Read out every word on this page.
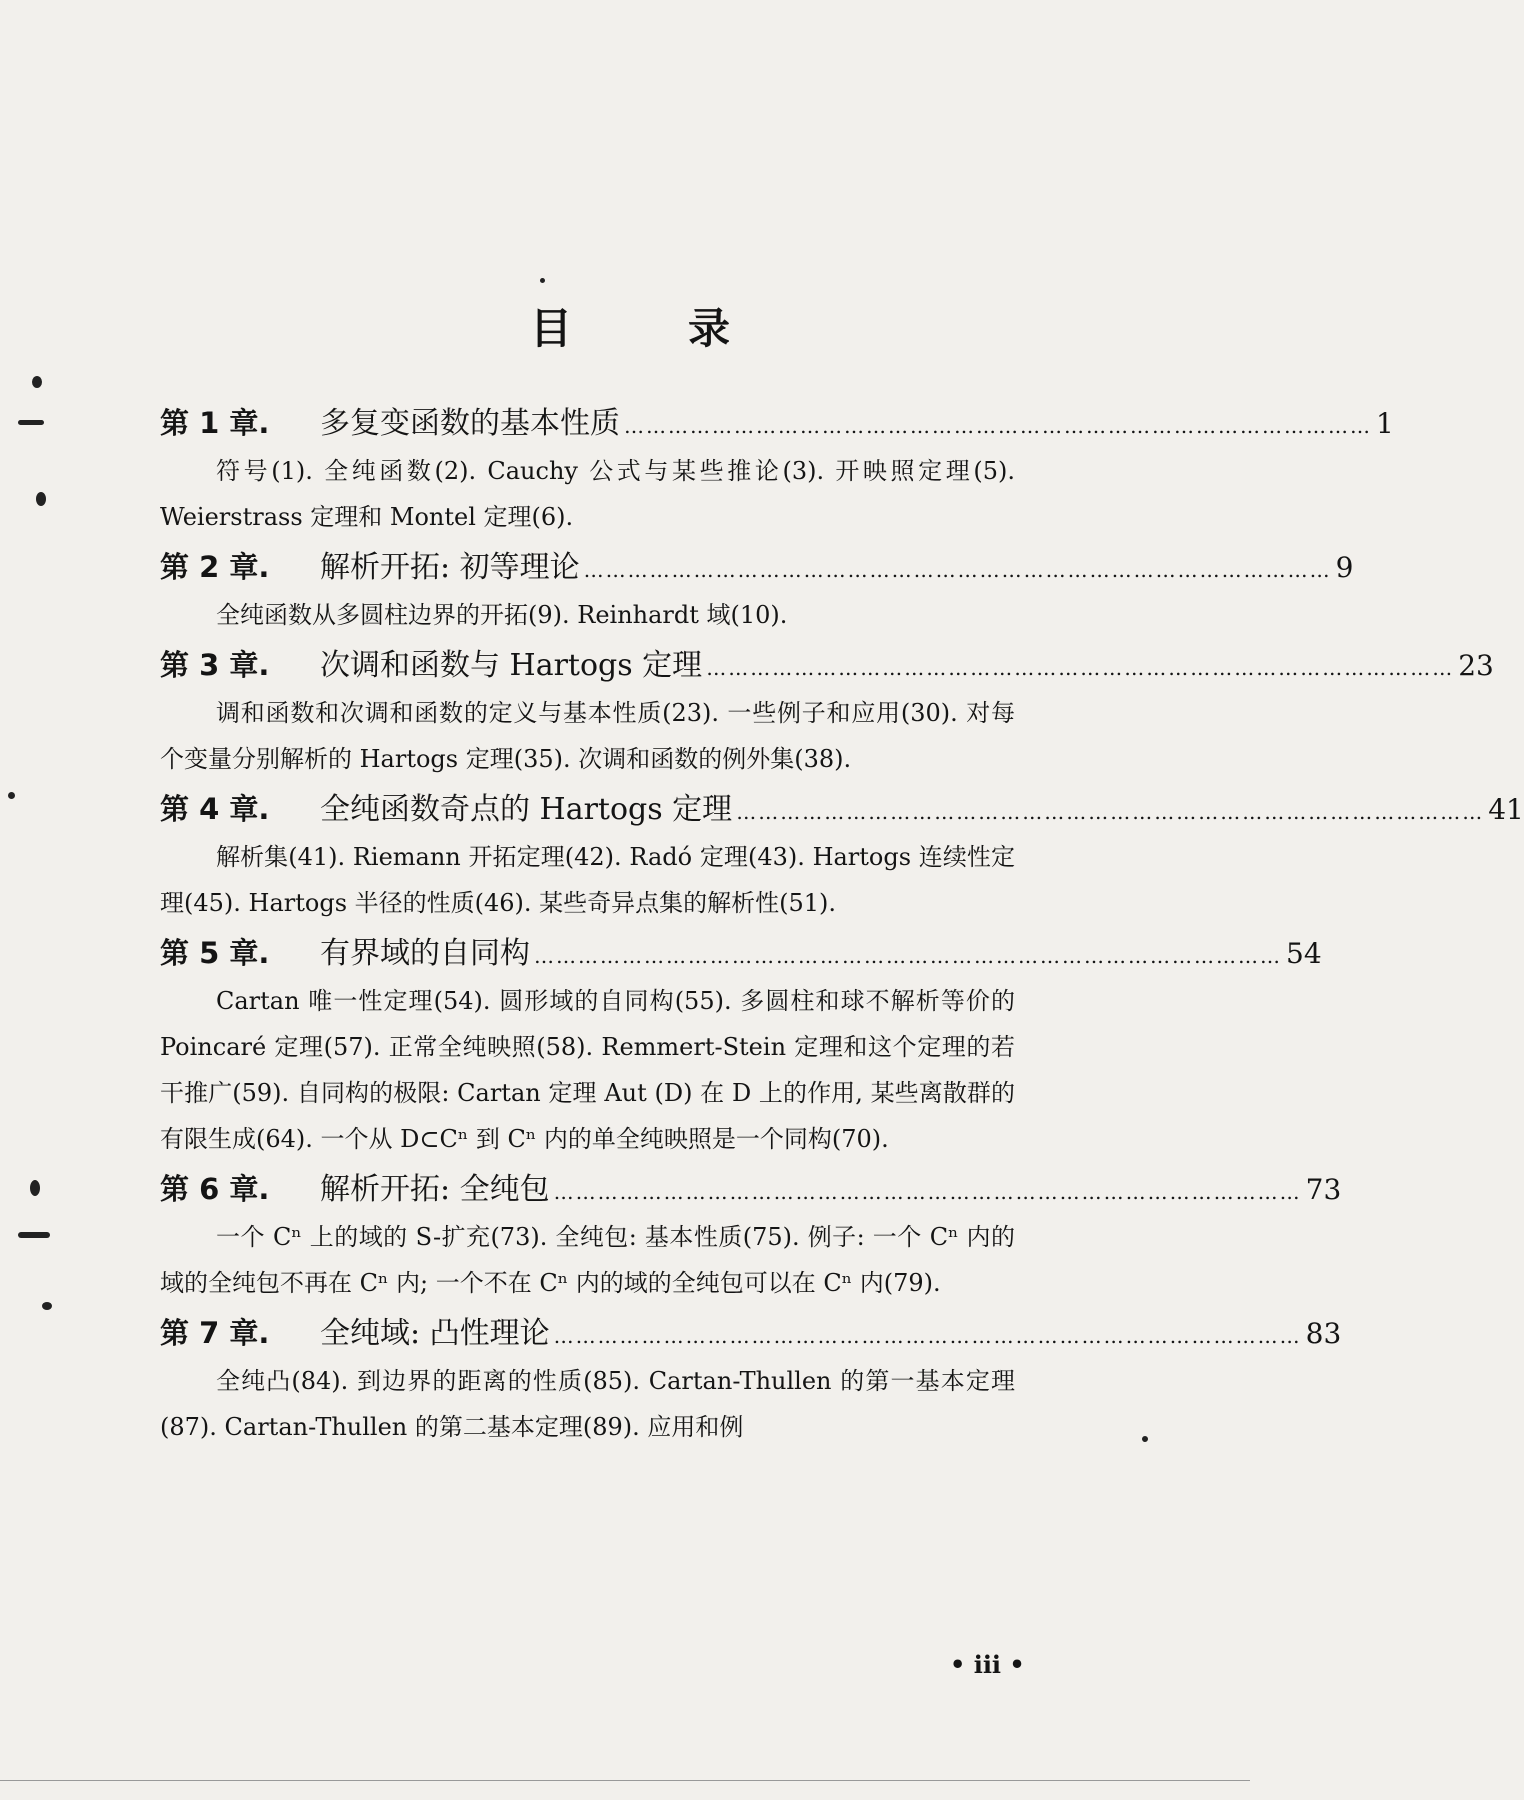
目	录
第 1 章.	多复变函数的基本性质 ………………………………………………………………………………………… 1
符号(1). 全纯函数(2). Cauchy 公式与某些推论(3). 开映照定理(5). Weierstrass 定理和 Montel 定理(6).
第 2 章.	解析开拓: 初等理论 ………………………………………………………………………………………… 9
全纯函数从多圆柱边界的开拓(9). Reinhardt 域(10).
第 3 章.	次调和函数与 Hartogs 定理 ………………………………………………………………………………………… 23
调和函数和次调和函数的定义与基本性质(23). 一些例子和应用(30). 对每个变量分别解析的 Hartogs 定理(35). 次调和函数的例外集(38).
第 4 章.	全纯函数奇点的 Hartogs 定理 ………………………………………………………………………………………… 41
解析集(41). Riemann 开拓定理(42). Radó 定理(43). Hartogs 连续性定理(45). Hartogs 半径的性质(46). 某些奇异点集的解析性(51).
第 5 章.	有界域的自同构 ………………………………………………………………………………………… 54
Cartan 唯一性定理(54). 圆形域的自同构(55). 多圆柱和球不解析等价的 Poincaré 定理(57). 正常全纯映照(58). Remmert-Stein 定理和这个定理的若干推广(59). 自同构的极限: Cartan 定理 Aut (D) 在 D 上的作用, 某些离散群的有限生成(64). 一个从 D⊂Cⁿ 到 Cⁿ 内的单全纯映照是一个同构(70).
第 6 章.	解析开拓: 全纯包 ………………………………………………………………………………………… 73
一个 Cⁿ 上的域的 S-扩充(73). 全纯包: 基本性质(75). 例子: 一个 Cⁿ 内的域的全纯包不再在 Cⁿ 内; 一个不在 Cⁿ 内的域的全纯包可以在 Cⁿ 内(79).
第 7 章.	全纯域: 凸性理论 ………………………………………………………………………………………… 83
全纯凸(84). 到边界的距离的性质(85). Cartan-Thullen 的第一基本定理(87). Cartan-Thullen 的第二基本定理(89). 应用和例
• iii •
